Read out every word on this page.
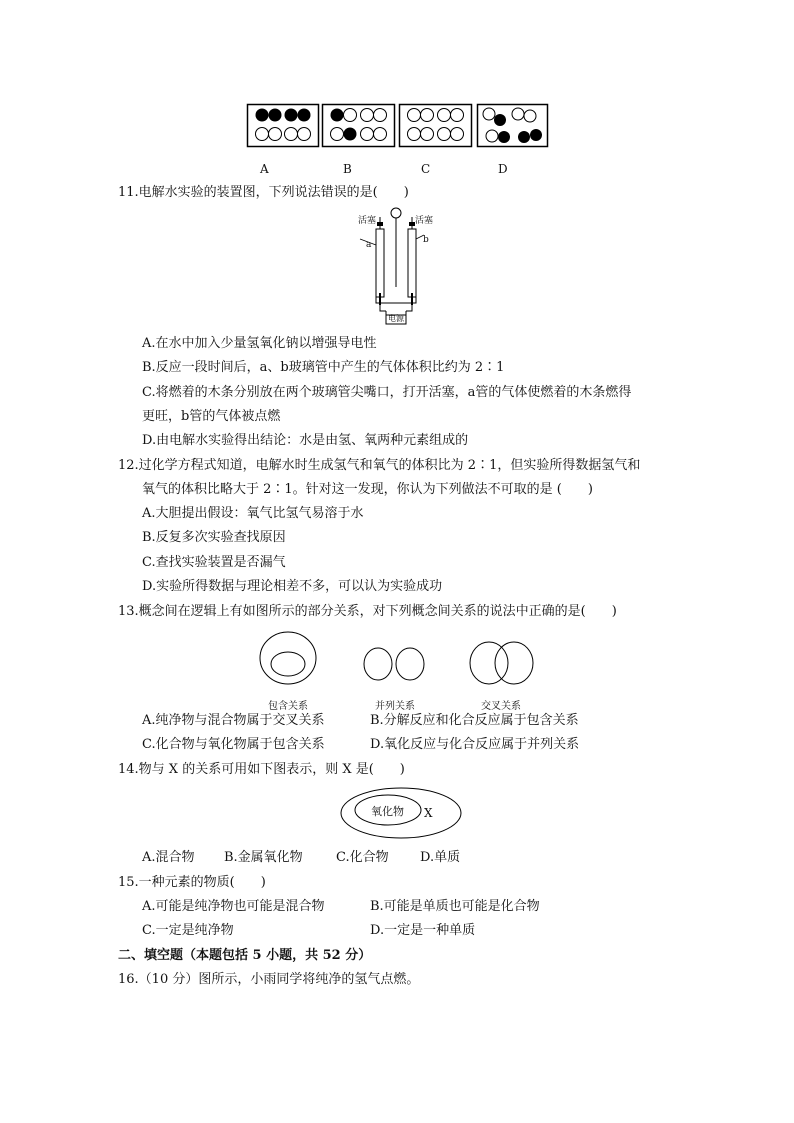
A	B	C	D
11.电解水实验的装置图，下列说法错误的是(　　)
活塞	活塞
a	b
电源
A.在水中加入少量氢氧化钠以增强导电性
B.反应一段时间后，a、b玻璃管中产生的气体体积比约为 2∶1
C.将燃着的木条分别放在两个玻璃管尖嘴口，打开活塞，a管的气体使燃着的木条燃得
更旺，b管的气体被点燃
D.由电解水实验得出结论：水是由氢、氧两种元素组成的
12.过化学方程式知道，电解水时生成氢气和氧气的体积比为 2∶1，但实验所得数据氢气和
氧气的体积比略大于 2∶1。针对这一发现，你认为下列做法不可取的是 (　　)
A.大胆提出假设：氧气比氢气易溶于水
B.反复多次实验查找原因
C.查找实验装置是否漏气
D.实验所得数据与理论相差不多，可以认为实验成功
13.概念间在逻辑上有如图所示的部分关系，对下列概念间关系的说法中正确的是(　　)
包含关系	并列关系	交叉关系
A.纯净物与混合物属于交叉关系	B.分解反应和化合反应属于包含关系
C.化合物与氧化物属于包含关系	D.氧化反应与化合反应属于并列关系
14.物与 X 的关系可用如下图表示，则 X 是(　　)
氧化物 X
A.混合物 B.金属氧化物	C.化合物 D.单质
15.一种元素的物质(　　)
A.可能是纯净物也可能是混合物	B.可能是单质也可能是化合物
C.一定是纯净物	D.一定是一种单质
二、填空题（本题包括 5 小题，共 52 分）
16.（10 分）图所示，小雨同学将纯净的氢气点燃。
